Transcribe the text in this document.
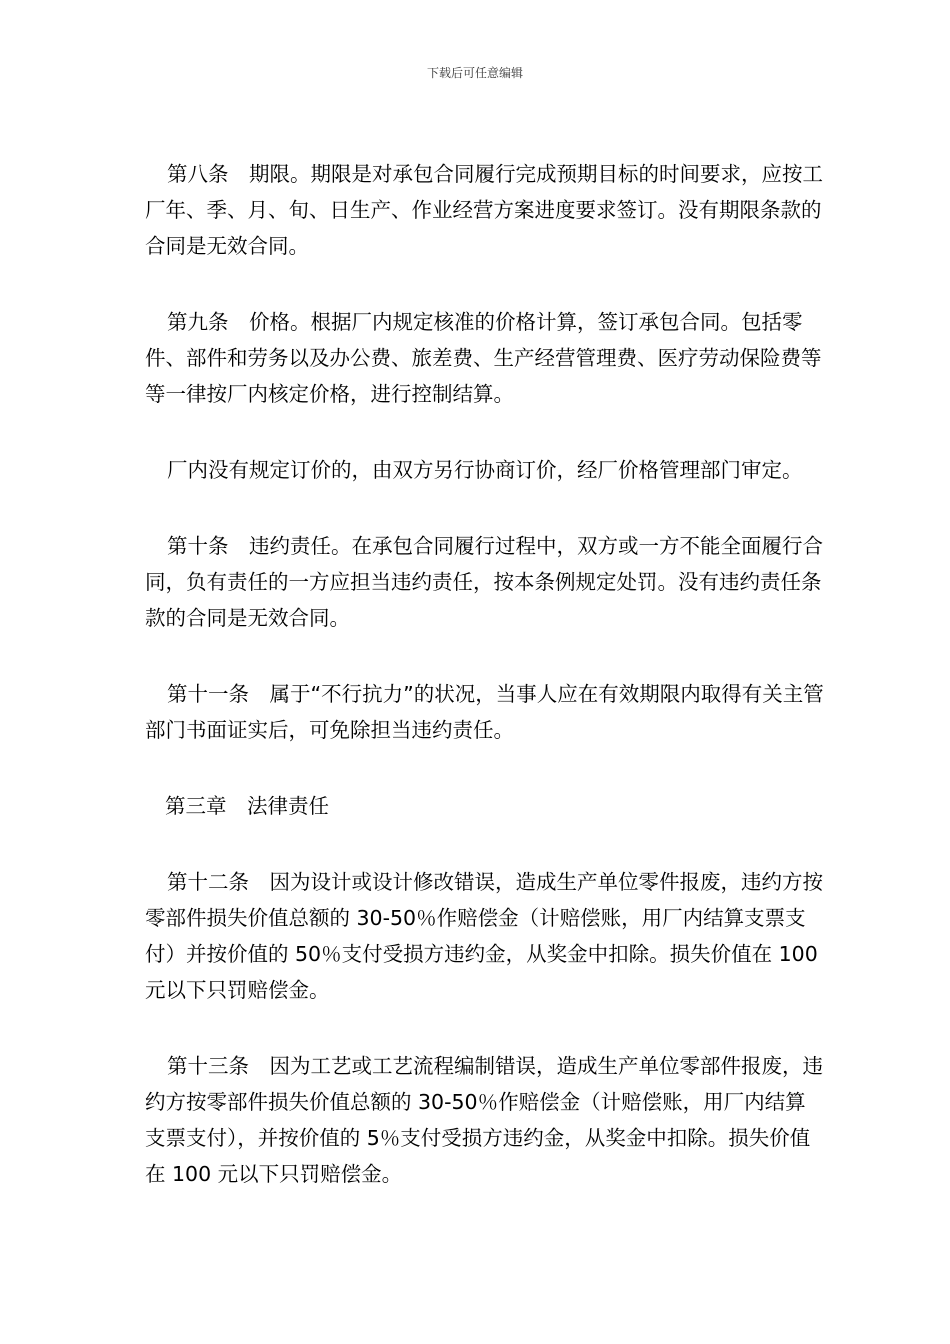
下载后可任意编辑

第八条　期限。期限是对承包合同履行完成预期目标的时间要求，应按工厂年、季、月、旬、日生产、作业经营方案进度要求签订。没有期限条款的合同是无效合同。

第九条　价格。根据厂内规定核准的价格计算，签订承包合同。包括零件、部件和劳务以及办公费、旅差费、生产经营管理费、医疗劳动保险费等等一律按厂内核定价格，进行控制结算。

厂内没有规定订价的，由双方另行协商订价，经厂价格管理部门审定。

第十条　违约责任。在承包合同履行过程中，双方或一方不能全面履行合同，负有责任的一方应担当违约责任，按本条例规定处罚。没有违约责任条款的合同是无效合同。

第十一条　属于“不行抗力”的状况，当事人应在有效期限内取得有关主管部门书面证实后，可免除担当违约责任。

第三章　法律责任

第十二条　因为设计或设计修改错误，造成生产单位零件报废，违约方按零部件损失价值总额的 30-50％作赔偿金（计赔偿账，用厂内结算支票支付）并按价值的 50％支付受损方违约金，从奖金中扣除。损失价值在 100 元以下只罚赔偿金。

第十三条　因为工艺或工艺流程编制错误，造成生产单位零部件报废，违约方按零部件损失价值总额的 30-50％作赔偿金（计赔偿账，用厂内结算支票支付），并按价值的 5％支付受损方违约金，从奖金中扣除。损失价值在 100 元以下只罚赔偿金。
